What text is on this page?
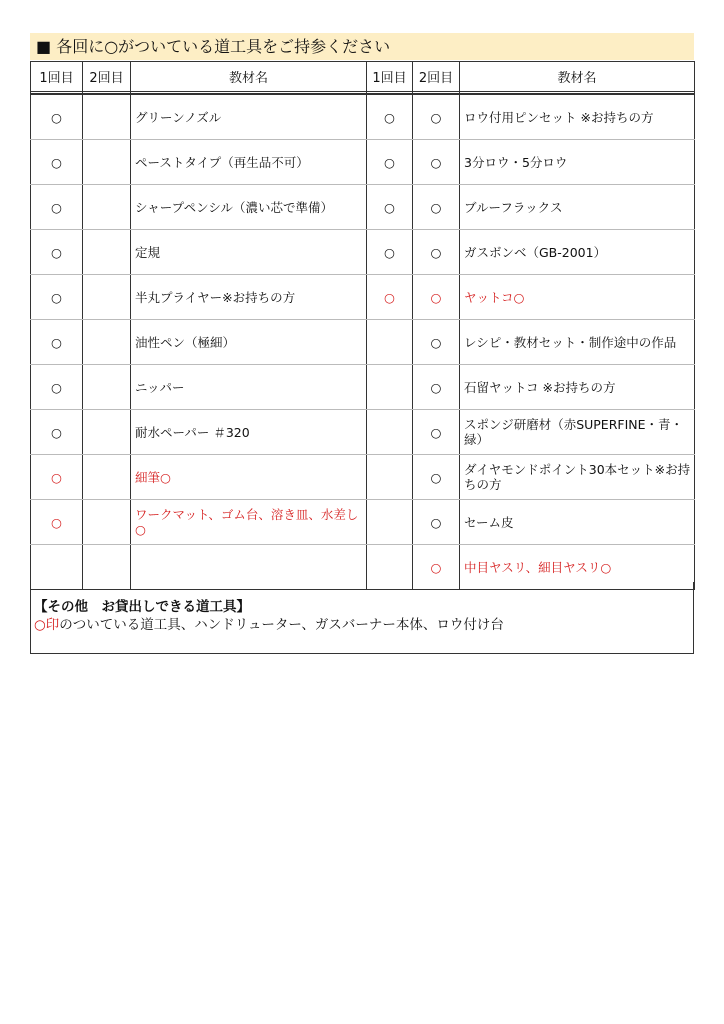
■ 各回に○がついている道工具をご持参ください
1回目	2回目	教材名	1回目	2回目	教材名

○		グリーンノズル	○	○	ロウ付用ピンセット ※お持ちの方
○		ペーストタイプ（再生品不可）	○	○	3分ロウ・5分ロウ
○		シャープペンシル（濃い芯で準備）	○	○	ブルーフラックス
○		定規	○	○	ガスボンベ（GB-2001）
○		半丸プライヤー※お持ちの方	○	○	ヤットコ○
○		油性ペン（極細）		○	レシピ・教材セット・制作途中の作品
○		ニッパー		○	石留ヤットコ ※お持ちの方
○		耐水ペーパー ＃320		○	スポンジ研磨材（赤SUPERFINE・青・緑）
○		細筆○		○	ダイヤモンドポイント30本セット※お持ちの方
○		ワークマット、ゴム台、溶き皿、水差し○		○	セーム皮
				○	中目ヤスリ、細目ヤスリ○
【その他　お貸出しできる道工具】
○印のついている道工具、ハンドリューター、ガスバーナー本体、ロウ付け台
